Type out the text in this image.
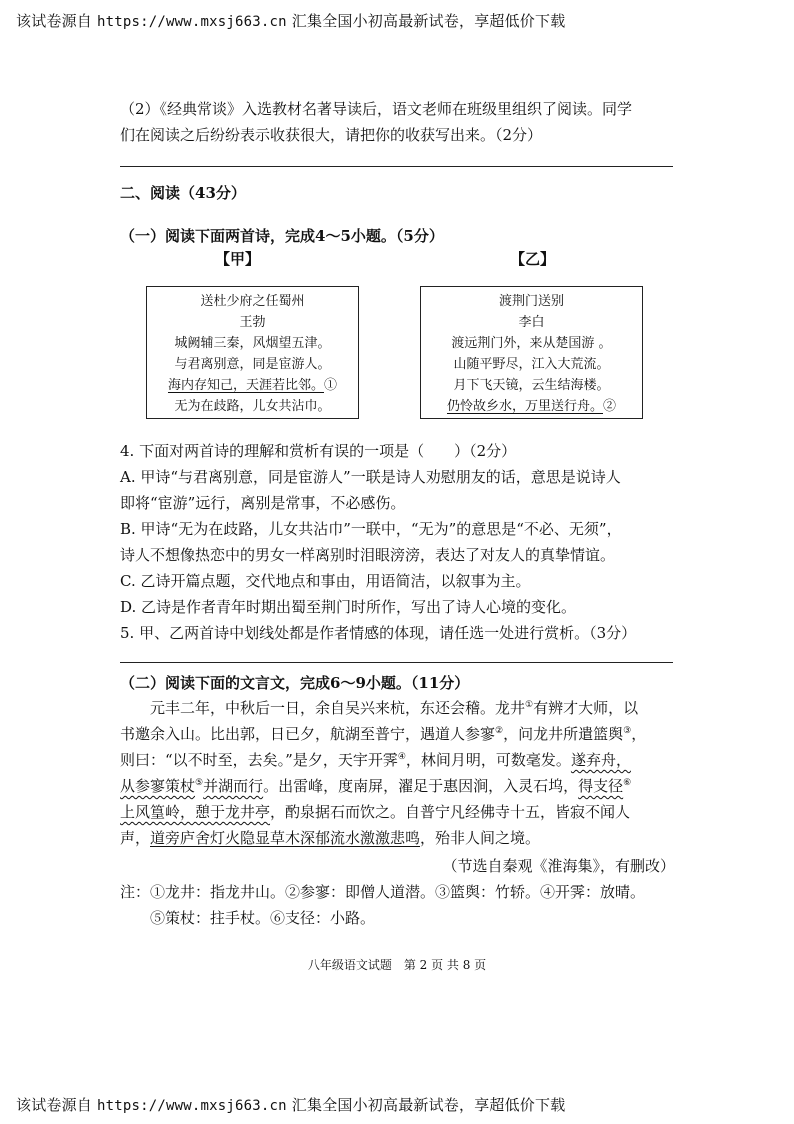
该试卷源自 https://www.mxsj663.cn 汇集全国小初高最新试卷，享超低价下载
（2）《经典常谈》入选教材名著导读后，语文老师在班级里组织了阅读。同学
们在阅读之后纷纷表示收获很大，请把你的收获写出来。（2分）
二、阅读（43分）
（一）阅读下面两首诗，完成4～5小题。（5分）
【甲】	【乙】
送杜少府之任蜀州
王勃
城阙辅三秦，风烟望五津。
与君离别意，同是宦游人。
海内存知己，天涯若比邻。①
无为在歧路，儿女共沾巾。
渡荆门送别
李白
渡远荆门外，来从楚国游 。
山随平野尽，江入大荒流。
月下飞天镜，云生结海楼。
仍怜故乡水，万里送行舟。②
4. 下面对两首诗的理解和赏析有误的一项是（　　）（2分）
A. 甲诗“与君离别意，同是宦游人”一联是诗人劝慰朋友的话，意思是说诗人
即将“宦游”远行，离别是常事，不必感伤。
B. 甲诗“无为在歧路，儿女共沾巾”一联中，“无为”的意思是“不必、无须”，
诗人不想像热恋中的男女一样离别时泪眼滂滂，表达了对友人的真挚情谊。
C. 乙诗开篇点题，交代地点和事由，用语简洁，以叙事为主。
D. 乙诗是作者青年时期出蜀至荆门时所作，写出了诗人心境的变化。
5. 甲、乙两首诗中划线处都是作者情感的体现，请任选一处进行赏析。（3分）
（二）阅读下面的文言文，完成6～9小题。（11分）
元丰二年，中秋后一日，余自吴兴来杭，东还会稽。龙井①有辨才大师，以
书邀余入山。比出郭，日已夕，航湖至普宁，遇道人参寥②，问龙井所遣篮舆③，
则曰：“以不时至，去矣。”是夕，天宇开霁④，林间月明，可数毫发。遂弃舟，
从参寥策杖⑤并湖而行。出雷峰，度南屏，濯足于惠因涧，入灵石坞，得支径⑥
上风篁岭，憩于龙井亭，酌泉据石而饮之。自普宁凡经佛寺十五，皆寂不闻人
声，道旁庐舍灯火隐显草木深郁流水激激悲鸣，殆非人间之境。
（节选自秦观《淮海集》，有删改）
注：①龙井：指龙井山。②参寥：即僧人道潜。③篮舆：竹轿。④开霁：放晴。
⑤策杖：拄手杖。⑥支径：小路。
八年级语文试题　第 2 页 共 8 页
该试卷源自 https://www.mxsj663.cn 汇集全国小初高最新试卷，享超低价下载
